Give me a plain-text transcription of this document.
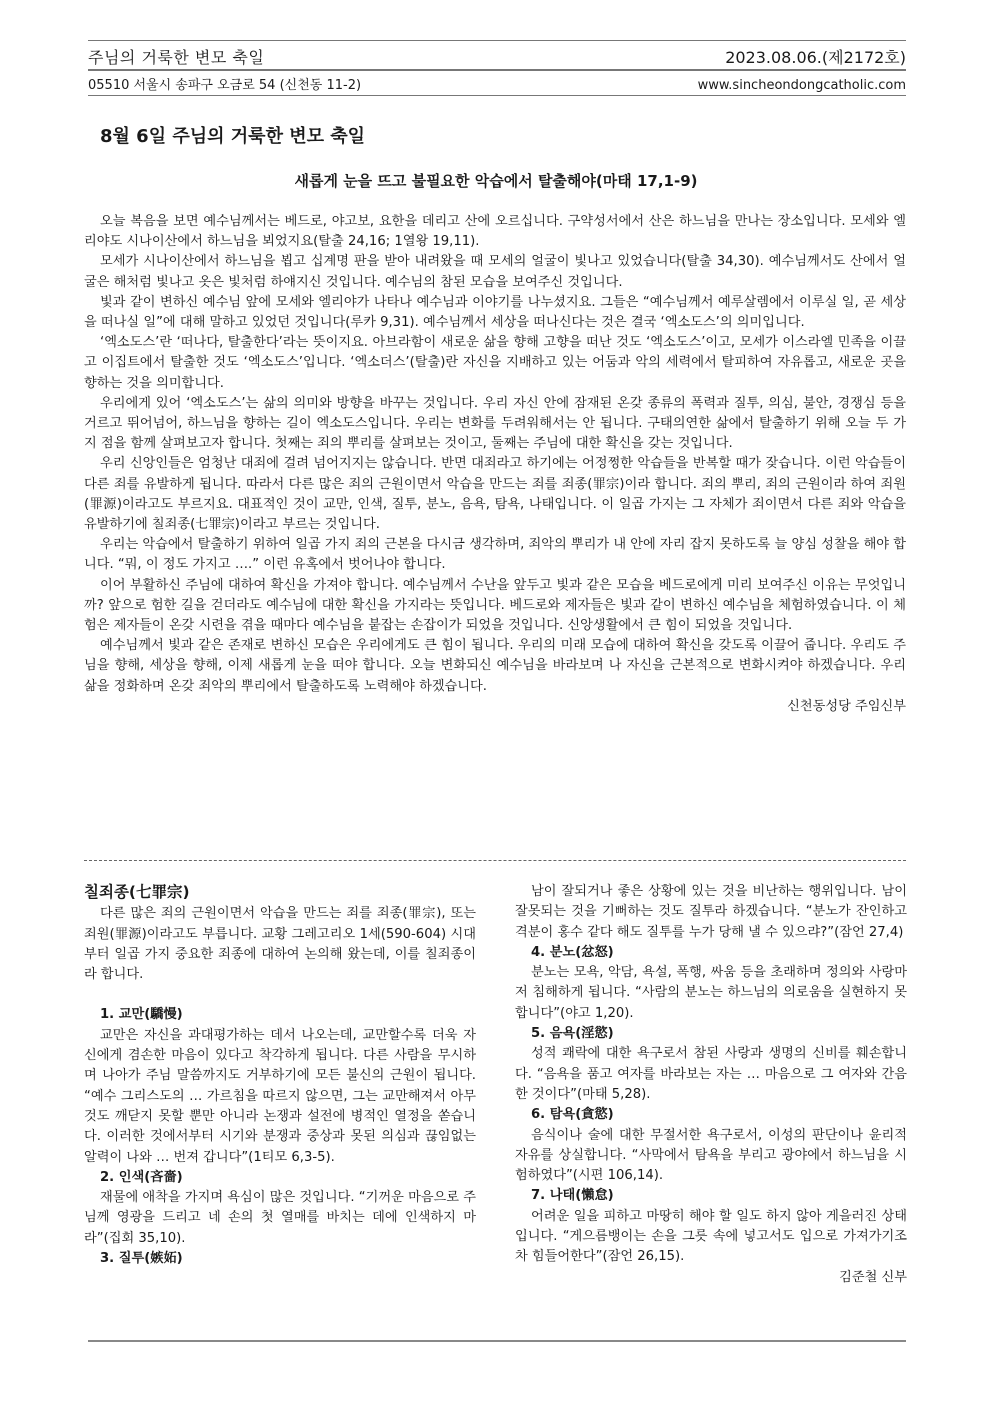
주님의 거룩한 변모 축일	2023.08.06.(제2172호)
05510 서울시 송파구 오금로 54 (신천동 11-2)	www.sincheondongcatholic.com
8월 6일 주님의 거룩한 변모 축일
새롭게 눈을 뜨고 불필요한 악습에서 탈출해야(마태 17,1-9)

오늘 복음을 보면 예수님께서는 베드로, 야고보, 요한을 데리고 산에 오르십니다. 구약성서에서 산은 하느님을 만나는 장소입니다. 모세와 엘리야도 시나이산에서 하느님을 뵈었지요(탈출 24,16; 1열왕 19,11).

모세가 시나이산에서 하느님을 뵙고 십계명 판을 받아 내려왔을 때 모세의 얼굴이 빛나고 있었습니다(탈출 34,30). 예수님께서도 산에서 얼굴은 해처럼 빛나고 옷은 빛처럼 하얘지신 것입니다. 예수님의 참된 모습을 보여주신 것입니다.

빛과 같이 변하신 예수님 앞에 모세와 엘리야가 나타나 예수님과 이야기를 나누셨지요. 그들은 “예수님께서 예루살렘에서 이루실 일, 곧 세상을 떠나실 일”에 대해 말하고 있었던 것입니다(루카 9,31). 예수님께서 세상을 떠나신다는 것은 결국 ‘엑소도스’의 의미입니다.

‘엑소도스’란 ‘떠나다, 탈출한다’라는 뜻이지요. 아브라함이 새로운 삶을 향해 고향을 떠난 것도 ‘엑소도스’이고, 모세가 이스라엘 민족을 이끌고 이집트에서 탈출한 것도 ‘엑소도스’입니다. ‘엑소더스’(탈출)란 자신을 지배하고 있는 어둠과 악의 세력에서 탈피하여 자유롭고, 새로운 곳을 향하는 것을 의미합니다.

우리에게 있어 ‘엑소도스’는 삶의 의미와 방향을 바꾸는 것입니다. 우리 자신 안에 잠재된 온갖 종류의 폭력과 질투, 의심, 불안, 경쟁심 등을 거르고 뛰어넘어, 하느님을 향하는 길이 엑소도스입니다. 우리는 변화를 두려워해서는 안 됩니다. 구태의연한 삶에서 탈출하기 위해 오늘 두 가지 점을 함께 살펴보고자 합니다. 첫째는 죄의 뿌리를 살펴보는 것이고, 둘째는 주님에 대한 확신을 갖는 것입니다.

우리 신앙인들은 엄청난 대죄에 걸려 넘어지지는 않습니다. 반면 대죄라고 하기에는 어정쩡한 악습들을 반복할 때가 잦습니다. 이런 악습들이 다른 죄를 유발하게 됩니다. 따라서 다른 많은 죄의 근원이면서 악습을 만드는 죄를 죄종(罪宗)이라 합니다. 죄의 뿌리, 죄의 근원이라 하여 죄원(罪源)이라고도 부르지요. 대표적인 것이 교만, 인색, 질투, 분노, 음욕, 탐욕, 나태입니다. 이 일곱 가지는 그 자체가 죄이면서 다른 죄와 악습을 유발하기에 칠죄종(七罪宗)이라고 부르는 것입니다.

우리는 악습에서 탈출하기 위하여 일곱 가지 죄의 근본을 다시금 생각하며, 죄악의 뿌리가 내 안에 자리 잡지 못하도록 늘 양심 성찰을 해야 합니다. “뭐, 이 정도 가지고 ….” 이런 유혹에서 벗어나야 합니다.

이어 부활하신 주님에 대하여 확신을 가져야 합니다. 예수님께서 수난을 앞두고 빛과 같은 모습을 베드로에게 미리 보여주신 이유는 무엇입니까? 앞으로 험한 길을 걷더라도 예수님에 대한 확신을 가지라는 뜻입니다. 베드로와 제자들은 빛과 같이 변하신 예수님을 체험하였습니다. 이 체험은 제자들이 온갖 시련을 겪을 때마다 예수님을 붙잡는 손잡이가 되었을 것입니다. 신앙생활에서 큰 힘이 되었을 것입니다.

예수님께서 빛과 같은 존재로 변하신 모습은 우리에게도 큰 힘이 됩니다. 우리의 미래 모습에 대하여 확신을 갖도록 이끌어 줍니다. 우리도 주님을 향해, 세상을 향해, 이제 새롭게 눈을 떠야 합니다. 오늘 변화되신 예수님을 바라보며 나 자신을 근본적으로 변화시켜야 하겠습니다. 우리 삶을 정화하며 온갖 죄악의 뿌리에서 탈출하도록 노력해야 하겠습니다.

신천동성당 주임신부
칠죄종(七罪宗)

다른 많은 죄의 근원이면서 악습을 만드는 죄를 죄종(罪宗), 또는 죄원(罪源)이라고도 부릅니다. 교황 그레고리오 1세(590-604) 시대부터 일곱 가지 중요한 죄종에 대하여 논의해 왔는데, 이를 칠죄종이라 합니다.

1. 교만(驕慢)

교만은 자신을 과대평가하는 데서 나오는데, 교만할수록 더욱 자신에게 겸손한 마음이 있다고 착각하게 됩니다. 다른 사람을 무시하며 나아가 주님 말씀까지도 거부하기에 모든 불신의 근원이 됩니다. “예수 그리스도의 … 가르침을 따르지 않으면, 그는 교만해져서 아무것도 깨닫지 못할 뿐만 아니라 논쟁과 설전에 병적인 열정을 쏟습니다. 이러한 것에서부터 시기와 분쟁과 중상과 못된 의심과 끊임없는 알력이 나와 … 번져 갑니다”(1티모 6,3-5).

2. 인색(吝嗇)

재물에 애착을 가지며 욕심이 많은 것입니다. “기꺼운 마음으로 주님께 영광을 드리고 네 손의 첫 열매를 바치는 데에 인색하지 마라”(집회 35,10).

3. 질투(嫉妬)

남이 잘되거나 좋은 상황에 있는 것을 비난하는 행위입니다. 남이 잘못되는 것을 기뻐하는 것도 질투라 하겠습니다. “분노가 잔인하고 격분이 홍수 같다 해도 질투를 누가 당해 낼 수 있으랴?”(잠언 27,4)

4. 분노(忿怒)

분노는 모욕, 악담, 욕설, 폭행, 싸움 등을 초래하며 정의와 사랑마저 침해하게 됩니다. “사람의 분노는 하느님의 의로움을 실현하지 못합니다”(야고 1,20).

5. 음욕(淫慾)

성적 쾌락에 대한 욕구로서 참된 사랑과 생명의 신비를 훼손합니다. “음욕을 품고 여자를 바라보는 자는 … 마음으로 그 여자와 간음한 것이다”(마태 5,28).

6. 탐욕(貪慾)

음식이나 술에 대한 무절서한 욕구로서, 이성의 판단이나 윤리적 자유를 상실합니다. “사막에서 탐욕을 부리고 광야에서 하느님을 시험하였다”(시편 106,14).

7. 나태(懶怠)

어려운 일을 피하고 마땅히 해야 할 일도 하지 않아 게을러진 상태입니다. “게으름뱅이는 손을 그릇 속에 넣고서도 입으로 가져가기조차 힘들어한다”(잠언 26,15).

김준철 신부
